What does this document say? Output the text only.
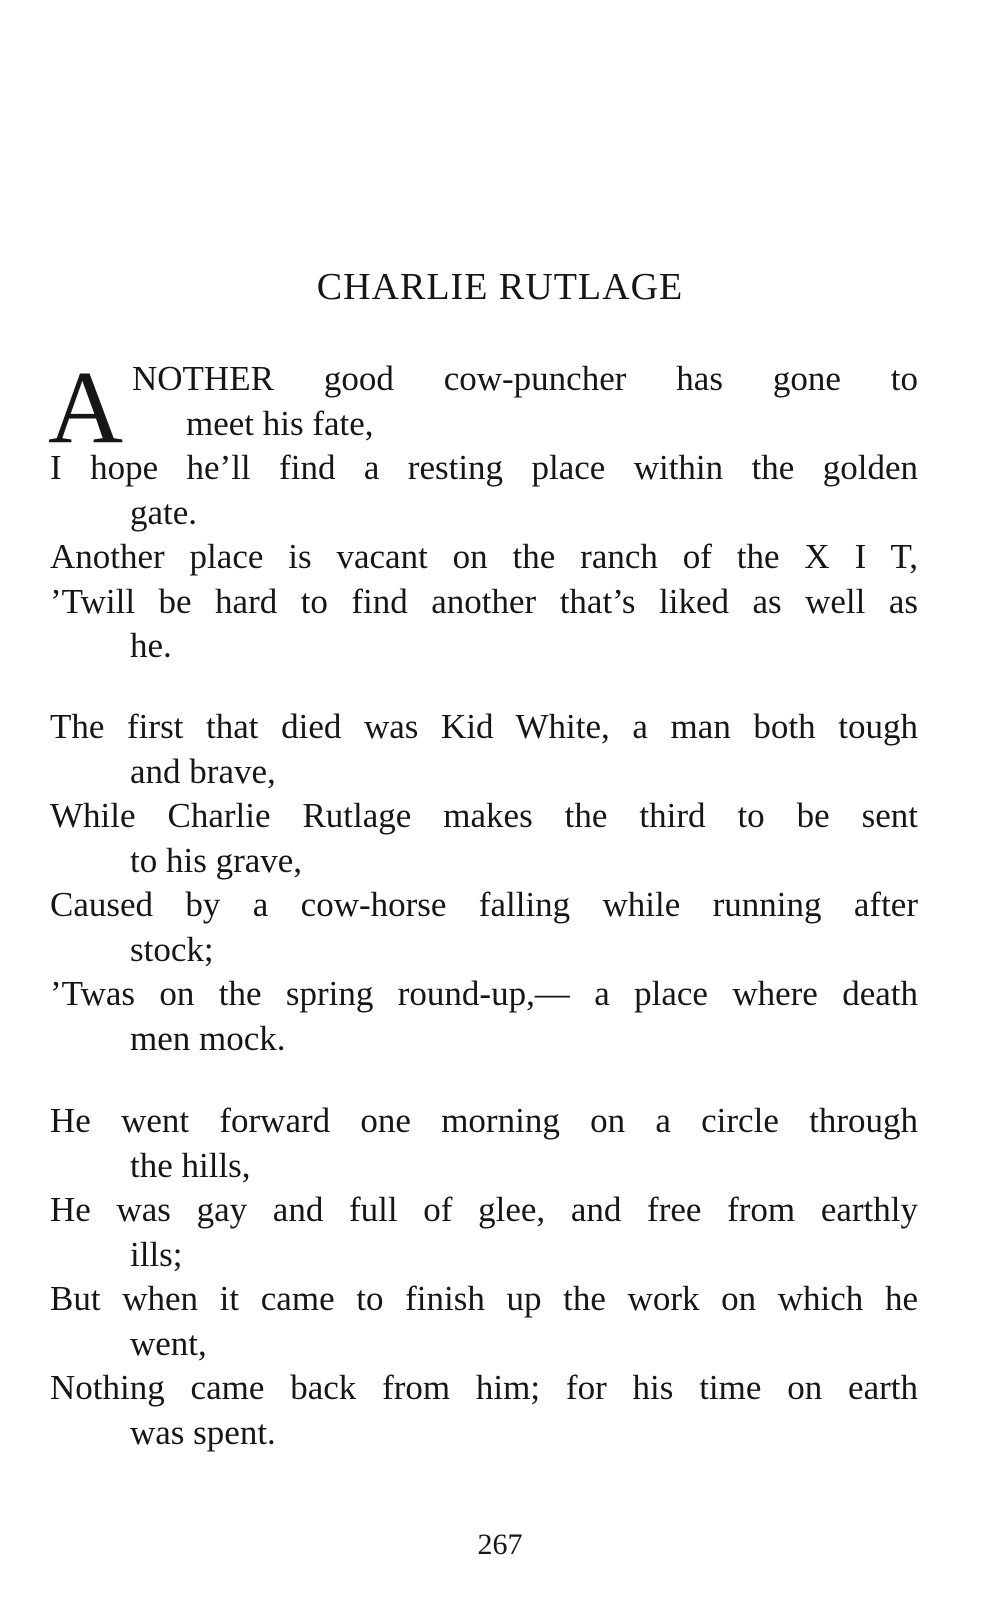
CHARLIE RUTLAGE
A NOTHER good cow-puncher has gone to
meet his fate,
I hope he’ll find a resting place within the golden
gate.
Another place is vacant on the ranch of the X I T,
’Twill be hard to find another that’s liked as well as
he.
The first that died was Kid White, a man both tough
and brave,
While Charlie Rutlage makes the third to be sent
to his grave,
Caused by a cow-horse falling while running after
stock;
’Twas on the spring round-up,— a place where death
men mock.
He went forward one morning on a circle through
the hills,
He was gay and full of glee, and free from earthly
ills;
But when it came to finish up the work on which he
went,
Nothing came back from him; for his time on earth
was spent.
267
